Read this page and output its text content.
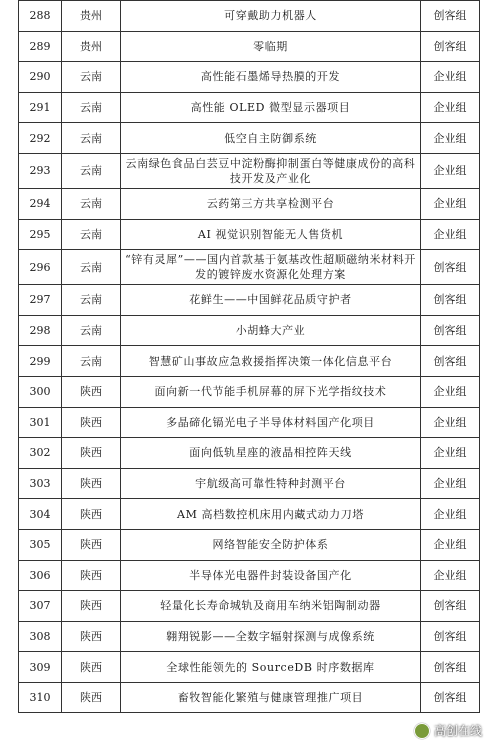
288	贵州	可穿戴助力机器人	创客组
289	贵州	零临期	创客组
290	云南	高性能石墨烯导热膜的开发	企业组
291	云南	高性能 OLED 微型显示器项目	企业组
292	云南	低空自主防御系统	企业组
293	云南	云南绿色食品白芸豆中淀粉酶抑制蛋白等健康成份的高科技开发及产业化	企业组
294	云南	云药第三方共享检测平台	企业组
295	云南	AI 视觉识别智能无人售货机	企业组
296	云南	“锌有灵犀”——国内首款基于氨基改性超顺磁纳米材料开发的镀锌废水资源化处理方案	创客组
297	云南	花鲜生——中国鲜花品质守护者	创客组
298	云南	小胡蜂大产业	创客组
299	云南	智慧矿山事故应急救援指挥决策一体化信息平台	创客组
300	陕西	面向新一代节能手机屏幕的屏下光学指纹技术	企业组
301	陕西	多晶碲化镉光电子半导体材料国产化项目	企业组
302	陕西	面向低轨星座的液晶相控阵天线	企业组
303	陕西	宇航级高可靠性特种封测平台	企业组
304	陕西	AM 高档数控机床用内藏式动力刀塔	企业组
305	陕西	网络智能安全防护体系	企业组
306	陕西	半导体光电器件封装设备国产化	企业组
307	陕西	轻量化长寿命城轨及商用车纳米铝陶制动器	创客组
308	陕西	翱翔锐影——全数字辐射探测与成像系统	创客组
309	陕西	全球性能领先的 SourceDB 时序数据库	创客组
310	陕西	畜牧智能化繁殖与健康管理推广项目	创客组
高创在线
